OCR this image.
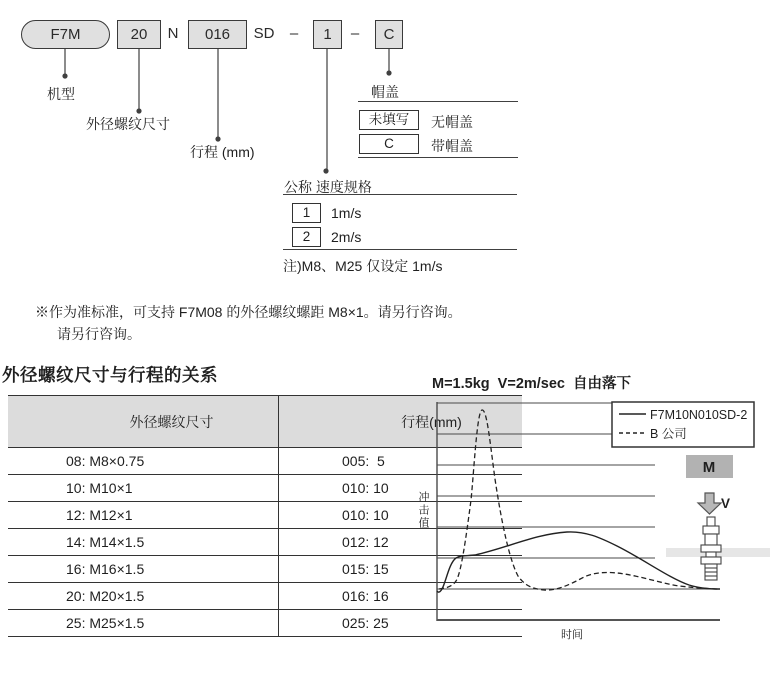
F7M	20	N	016	SD	–	1	–	C
机型
外径螺纹尺寸
行程 (mm)
帽盖
未填写	无帽盖
C	带帽盖
公称 速度规格
1	1m/s
2	2m/s
注)M8、M25 仅设定 1m/s
※作为准标准，可支持 F7M08 的外径螺纹螺距 M8×1。请另行咨询。
请另行咨询。
外径螺纹尺寸与行程的关系
外径螺纹尺寸	行程(mm)
08: M8×0.75	005:  5
10: M10×1	010: 10
12: M12×1	010: 10
14: M14×1.5	012: 12
16: M16×1.5	015: 15
20: M20×1.5	016: 16
25: M25×1.5	025: 25
M=1.5kg  V=2m/sec  自由落下
冲击值
F7M10N010SD-2
B 公司
M
V
时间
